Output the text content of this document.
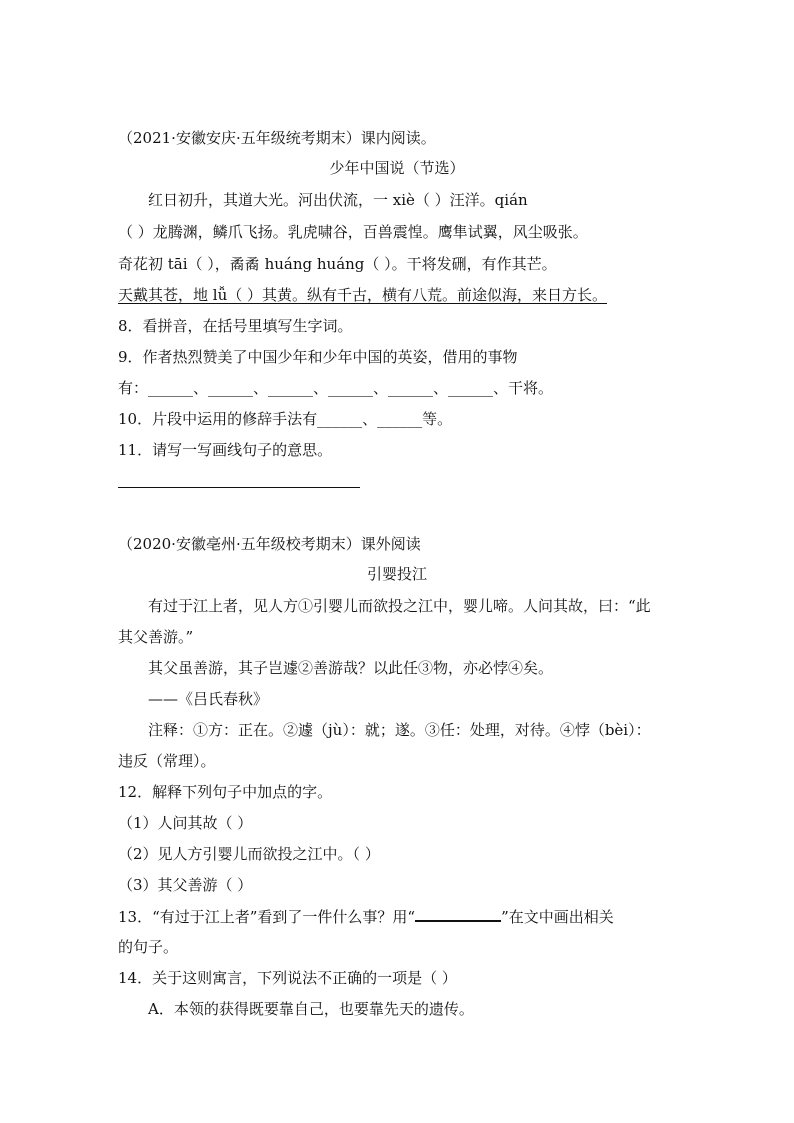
（2021·安徽安庆·五年级统考期末）课内阅读。
少年中国说（节选）
红日初升，其道大光。河出伏流，一 xiè（ ）汪洋。qián
（ ）龙腾渊，鳞爪飞扬。乳虎啸谷，百兽震惶。鹰隼试翼，风尘吸张。
奇花初 tāi（ ），矞矞 huáng huáng（ ）。干将发硎，有作其芒。
天戴其苍，地 lǚ（ ）其黄。纵有千古，横有八荒。前途似海，来日方长。
8．看拼音，在括号里填写生字词。
9．作者热烈赞美了中国少年和少年中国的英姿，借用的事物
有：______、______、______、______、______、______、干将。
10．片段中运用的修辞手法有______、______等。
11．请写一写画线句子的意思。
（2020·安徽亳州·五年级校考期末）课外阅读
引婴投江
有过于江上者，见人方①引婴儿而欲投之江中，婴儿啼。人问其故，曰：“此
其父善游。”
其父虽善游，其子岂遽②善游哉？以此任③物，亦必悖④矣。
——《吕氏春秋》
注释：①方：正在。②遽（jù）：就；遂。③任：处理，对待。④悖（bèi）：
违反（常理）。
12．解释下列句子中加点的字。
（1）人问其故（ ）
（2）见人方引婴儿而欲投之江中。（ ）
（3）其父善游（ ）
13．“有过于江上者”看到了一件什么事？用“	”在文中画出相关
的句子。
14．关于这则寓言，下列说法不正确的一项是（ ）
A．本领的获得既要靠自己，也要靠先天的遗传。
